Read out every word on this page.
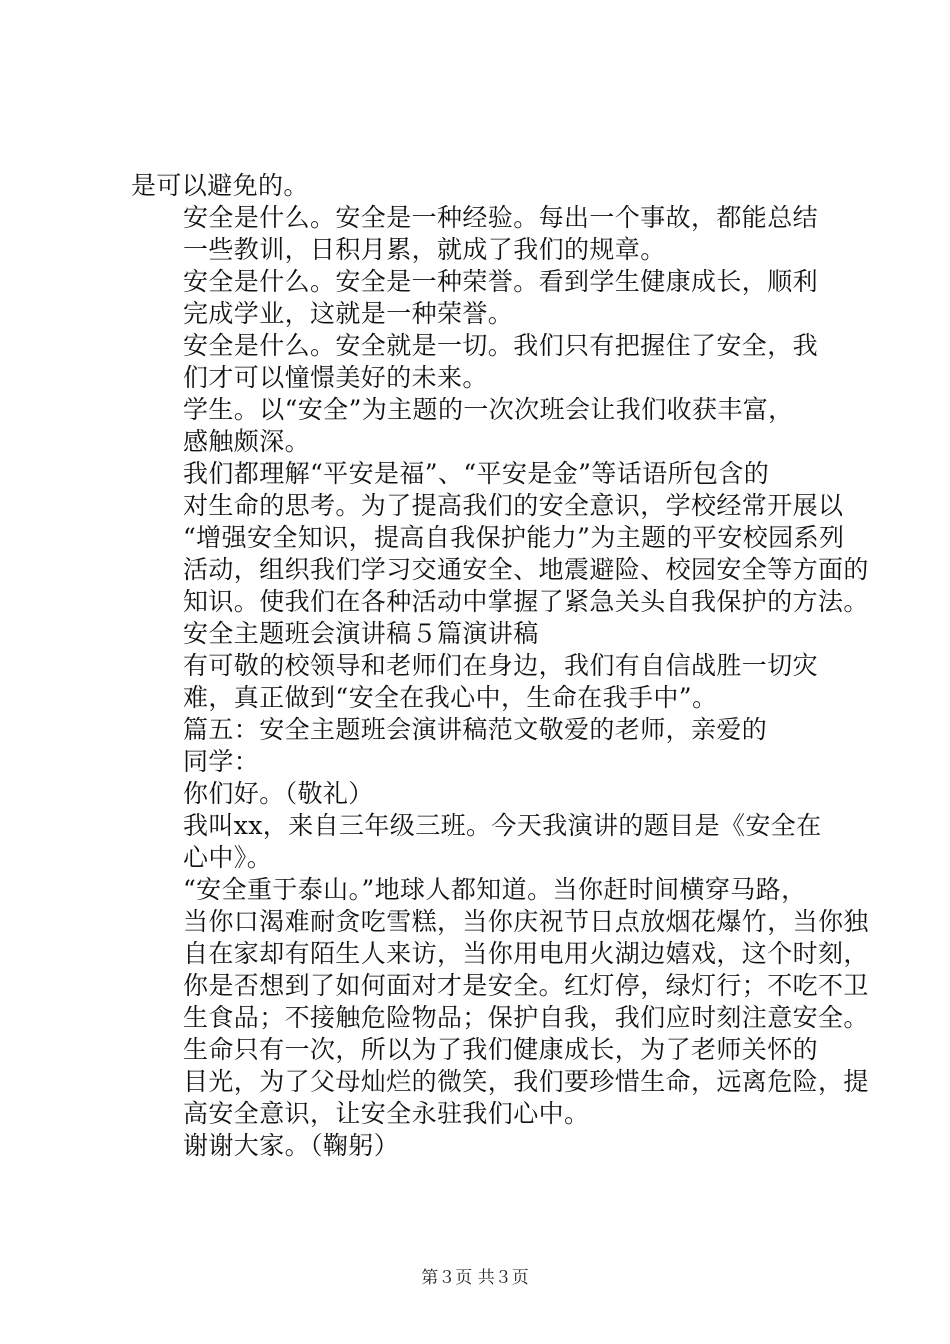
是可以避免的。

安全是什么。安全是一种经验。每出一个事故，都能总结
一些教训，日积月累，就成了我们的规章。

安全是什么。安全是一种荣誉。看到学生健康成长，顺利
完成学业，这就是一种荣誉。

安全是什么。安全就是一切。我们只有把握住了安全，我
们才可以憧憬美好的未来。

学生。以“安全”为主题的一次次班会让我们收获丰富，
感触颇深。

我们都理解“平安是福”、“平安是金”等话语所包含的
对生命的思考。为了提高我们的安全意识，学校经常开展以
“增强安全知识，提高自我保护能力”为主题的平安校园系列
活动，组织我们学习交通安全、地震避险、校园安全等方面的
知识。使我们在各种活动中掌握了紧急关头自我保护的方法。

安全主题班会演讲稿５篇演讲稿

有可敬的校领导和老师们在身边，我们有自信战胜一切灾
难，真正做到“安全在我心中，生命在我手中”。

篇五：安全主题班会演讲稿范文敬爱的老师，亲爱的

同学：

你们好。（敬礼）

我叫xx，来自三年级三班。今天我演讲的题目是《安全在
心中》。

“安全重于泰山。”地球人都知道。当你赶时间横穿马路，
当你口渴难耐贪吃雪糕，当你庆祝节日点放烟花爆竹，当你独
自在家却有陌生人来访，当你用电用火湖边嬉戏，这个时刻，
你是否想到了如何面对才是安全。红灯停，绿灯行；不吃不卫
生食品；不接触危险物品；保护自我，我们应时刻注意安全。

生命只有一次，所以为了我们健康成长，为了老师关怀的
目光，为了父母灿烂的微笑，我们要珍惜生命，远离危险，提
高安全意识，让安全永驻我们心中。

谢谢大家。（鞠躬）

第３页 共３页
